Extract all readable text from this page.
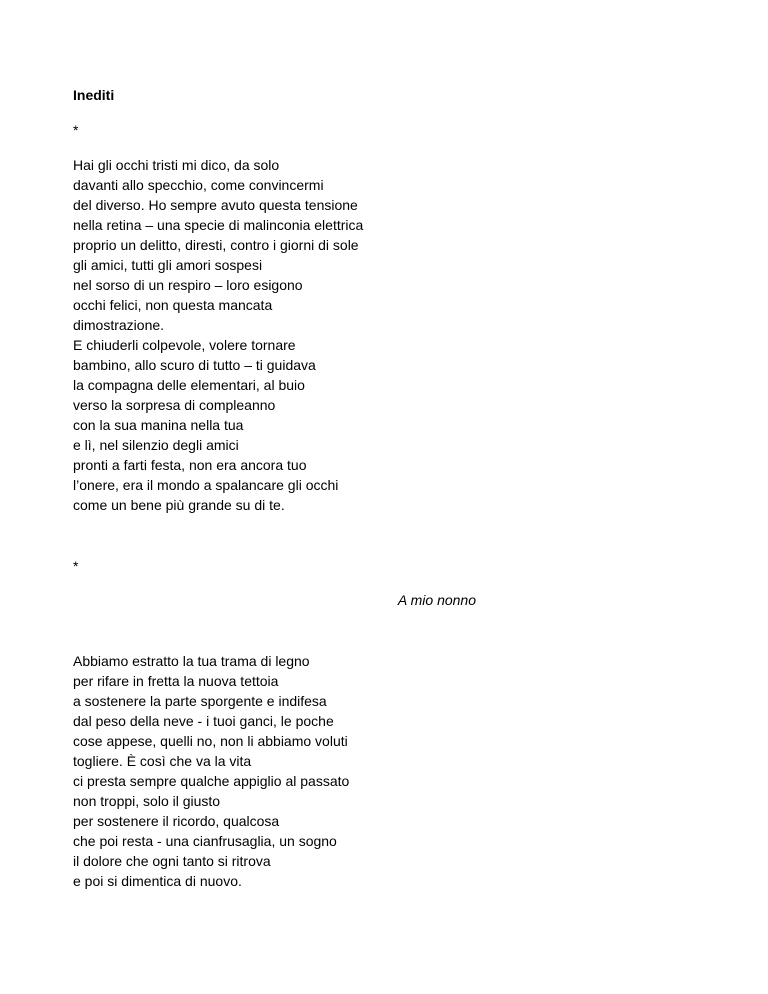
Inediti
*
Hai gli occhi tristi mi dico, da solo
davanti allo specchio, come convincermi
del diverso. Ho sempre avuto questa tensione
nella retina – una specie di malinconia elettrica
proprio un delitto, diresti, contro i giorni di sole
gli amici, tutti gli amori sospesi
nel sorso di un respiro – loro esigono
occhi felici, non questa mancata
dimostrazione.
E chiuderli colpevole, volere tornare
bambino, allo scuro di tutto – ti guidava
la compagna delle elementari, al buio
verso la sorpresa di compleanno
con la sua manina nella tua
e lì, nel silenzio degli amici
pronti a farti festa, non era ancora tuo
l’onere, era il mondo a spalancare gli occhi
come un bene più grande su di te.
*
A mio nonno
Abbiamo estratto la tua trama di legno
per rifare in fretta la nuova tettoia
a sostenere la parte sporgente e indifesa
dal peso della neve - i tuoi ganci, le poche
cose appese, quelli no, non li abbiamo voluti
togliere. È così che va la vita
ci presta sempre qualche appiglio al passato
non troppi, solo il giusto
per sostenere il ricordo, qualcosa
che poi resta - una cianfrusaglia, un sogno
il dolore che ogni tanto si ritrova
e poi si dimentica di nuovo.
